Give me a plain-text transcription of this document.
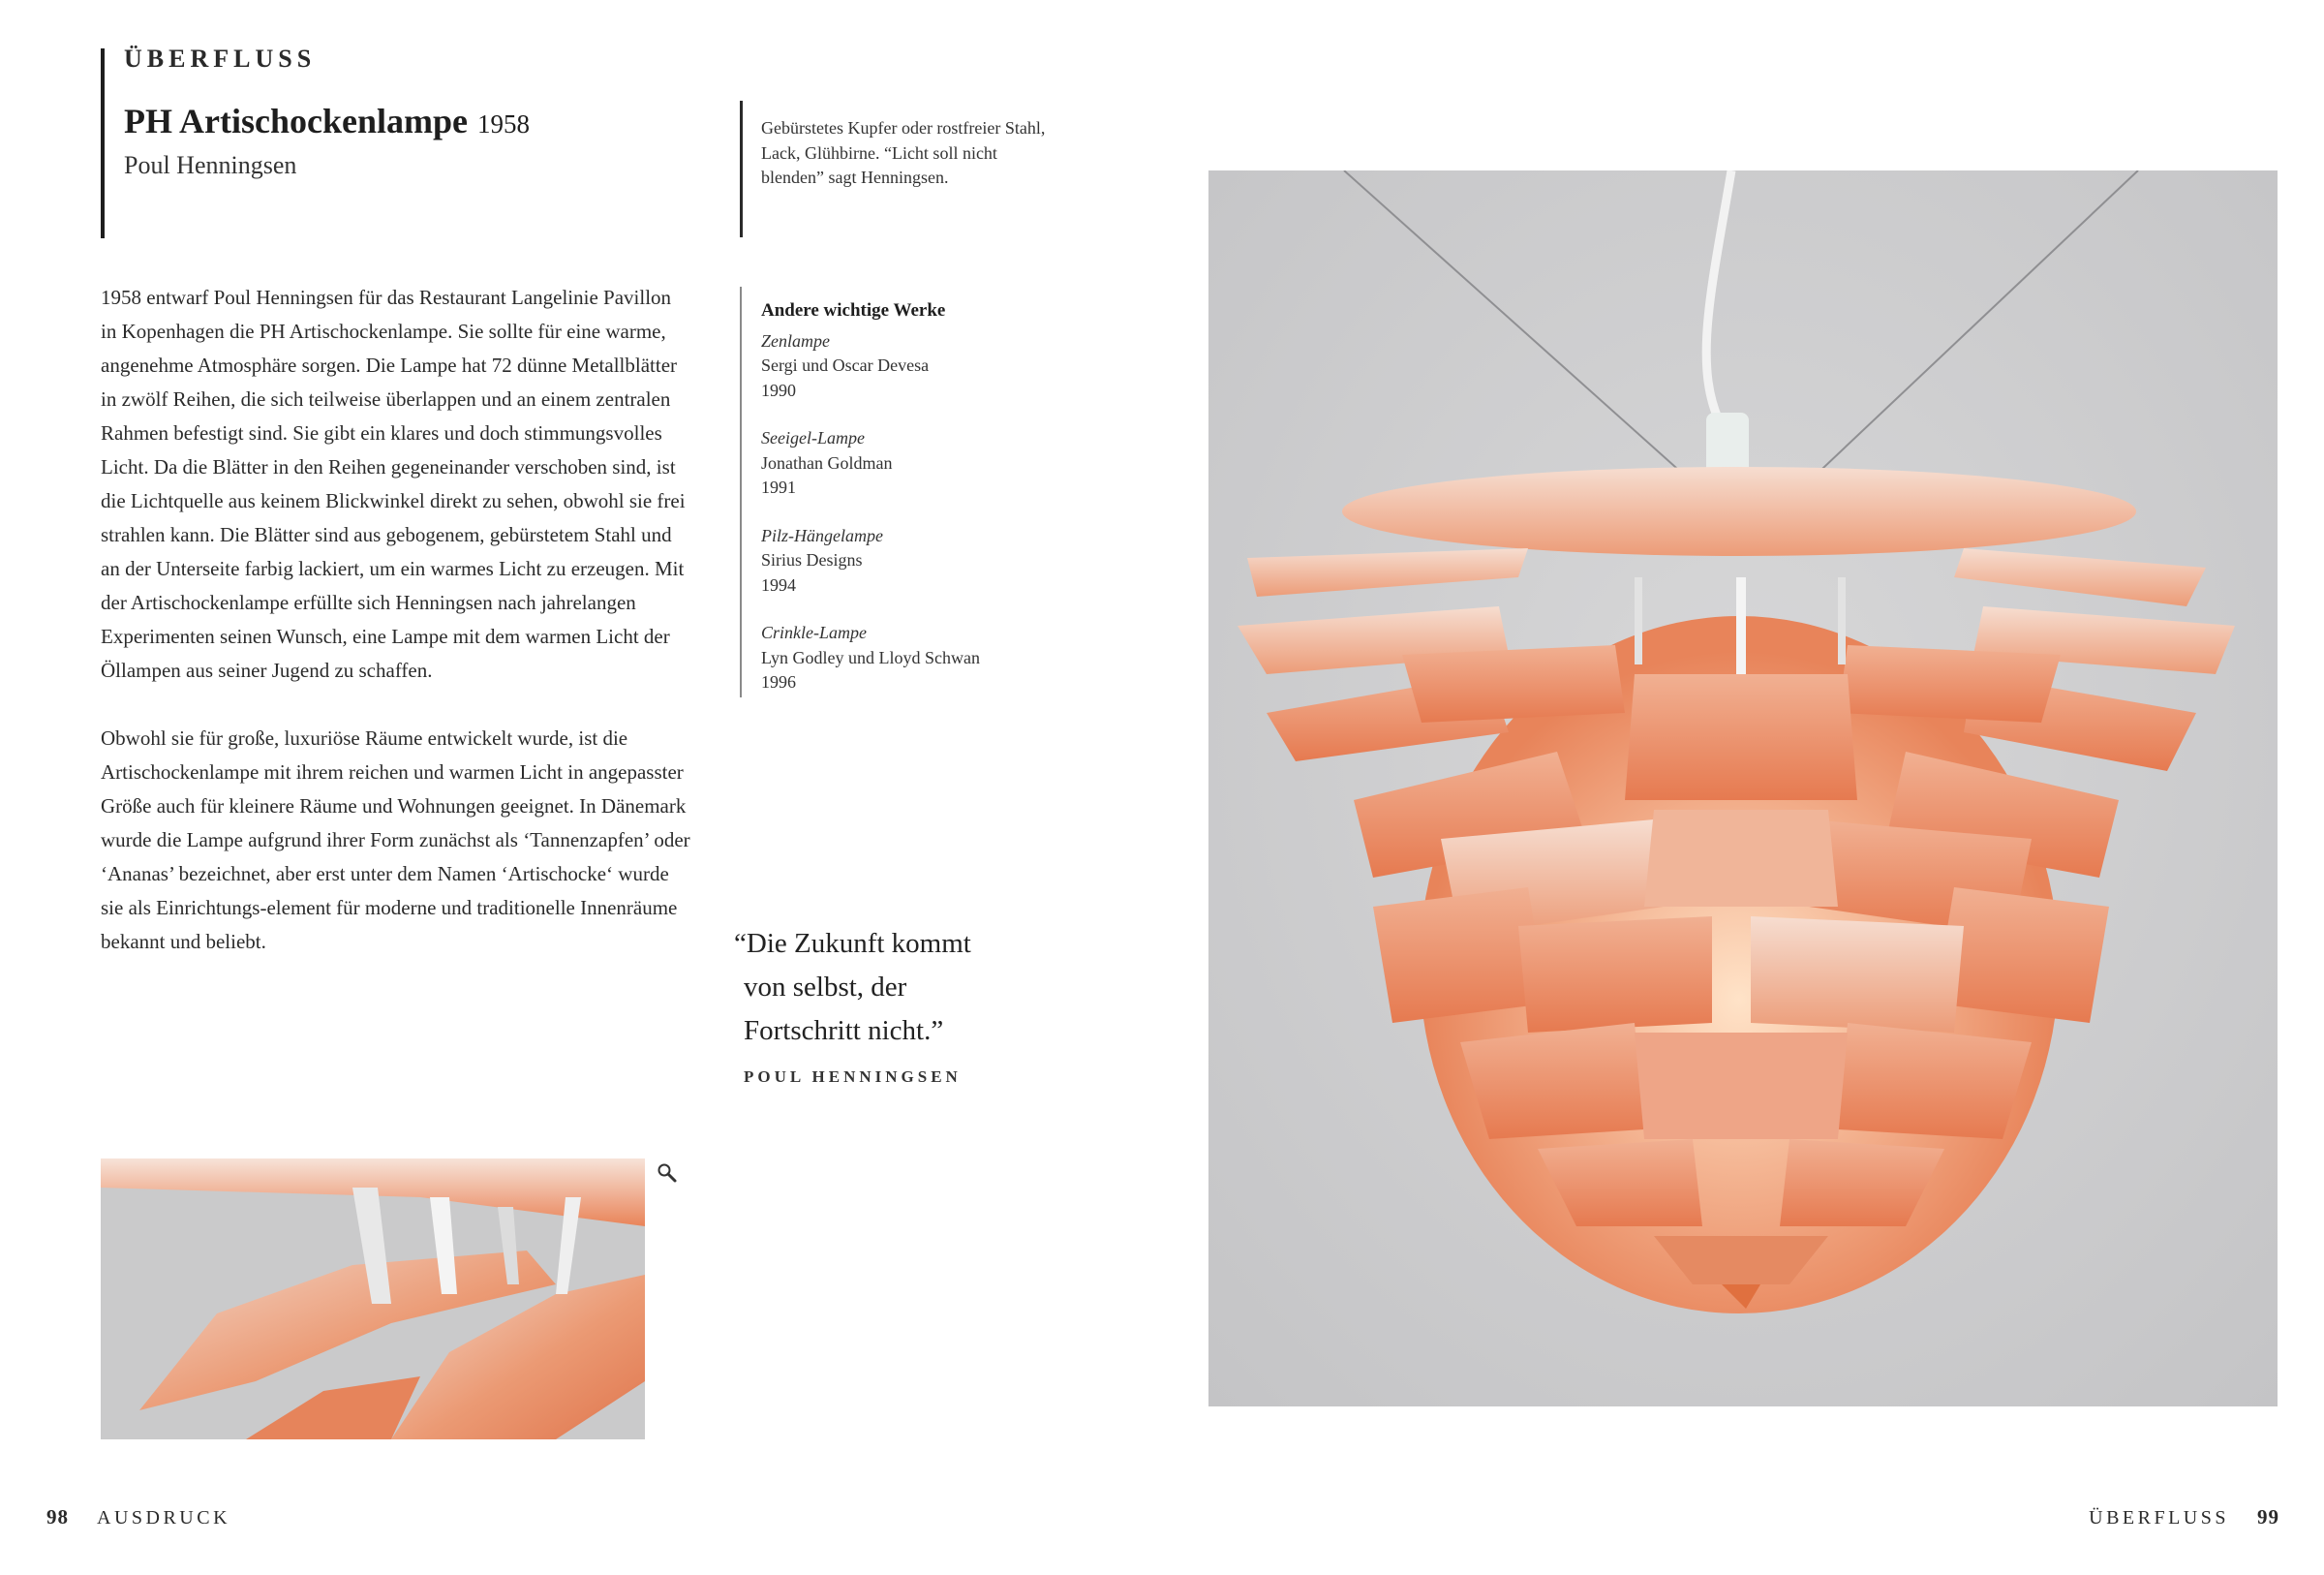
ÜBERFLUSS
PH Artischockenlampe 1958
Poul Henningsen
Gebürstetes Kupfer oder rostfreier Stahl, Lack, Glühbirne. “Licht soll nicht blenden” sagt Henningsen.

1958 entwarf Poul Henningsen für das Restaurant Langelinie Pavillon in Kopenhagen die PH Artischockenlampe. Sie sollte für eine warme, angenehme Atmosphäre sorgen. Die Lampe hat 72 dünne Metallblätter in zwölf Reihen, die sich teilweise überlappen und an einem zentralen Rahmen befestigt sind. Sie gibt ein klares und doch stimmungsvolles Licht. Da die Blätter in den Reihen gegeneinander verschoben sind, ist die Lichtquelle aus keinem Blickwinkel direkt zu sehen, obwohl sie frei strahlen kann. Die Blätter sind aus gebogenem, gebürstetem Stahl und an der Unterseite farbig lackiert, um ein warmes Licht zu erzeugen. Mit der Artischockenlampe erfüllte sich Henningsen nach jahrelangen Experimenten seinen Wunsch, eine Lampe mit dem warmen Licht der Öllampen aus seiner Jugend zu schaffen.

Obwohl sie für große, luxuriöse Räume entwickelt wurde, ist die Artischockenlampe mit ihrem reichen und warmen Licht in angepasster Größe auch für kleinere Räume und Wohnungen geeignet. In Dänemark wurde die Lampe aufgrund ihrer Form zunächst als ‘Tannenzapfen’ oder ‘Ananas’ bezeichnet, aber erst unter dem Namen ‘Artischocke‘ wurde sie als Einrichtungs-element für moderne und traditionelle Innenräume bekannt und beliebt.

Andere wichtige Werke
Zenlampe
Sergi und Oscar Devesa
1990
Seeigel-Lampe
Jonathan Goldman
1991
Pilz-Hängelampe
Sirius Designs
1994
Crinkle-Lampe
Lyn Godley und Lloyd Schwan
1996
“Die Zukunft kommt
von selbst, der
Fortschritt nicht.”
POUL HENNINGSEN
98 AUSDRUCK	ÜBERFLUSS 99
